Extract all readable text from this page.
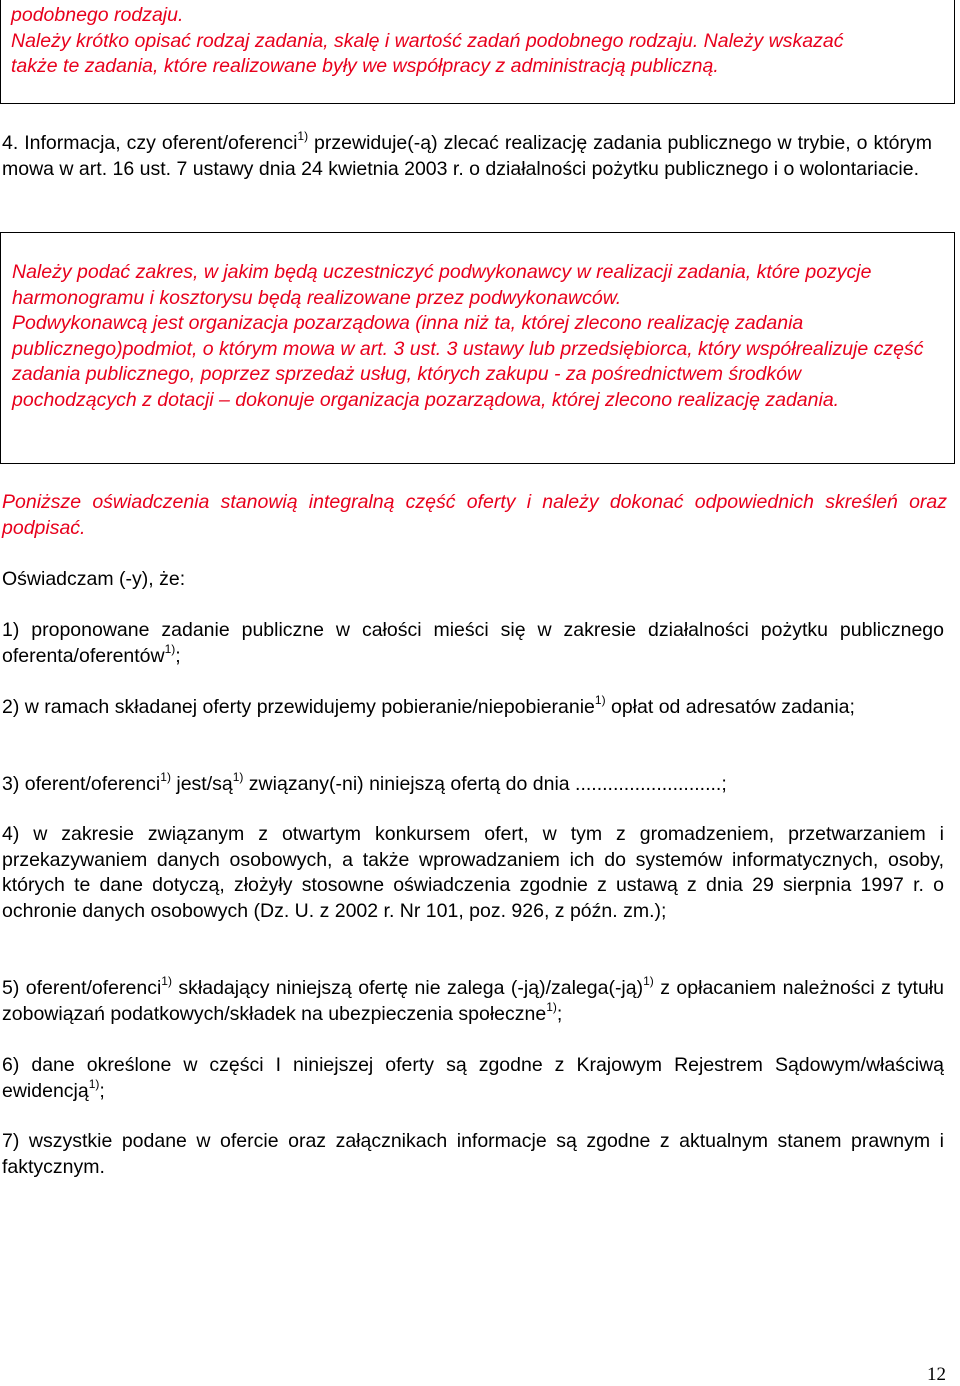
podobnego rodzaju.

Należy krótko opisać rodzaj zadania, skalę i wartość zadań podobnego rodzaju. Należy wskazać także te zadania, które realizowane były we współpracy z administracją publiczną.

4. Informacja, czy oferent/oferenci$^{1)}$ przewiduje(-ą) zlecać realizację zadania publicznego w trybie, o którym mowa w art. 16 ust. 7 ustawy dnia 24 kwietnia 2003 r. o działalności pożytku publicznego i o wolontariacie.

Należy podać zakres, w jakim będą uczestniczyć podwykonawcy w realizacji zadania, które pozycje harmonogramu i kosztorysu będą realizowane przez podwykonawców.

Podwykonawcą jest organizacja pozarządowa (inna niż ta, której zlecono realizację zadania publicznego)podmiot, o którym mowa w art. 3 ust. 3 ustawy lub przedsiębiorca, który współrealizuje część zadania publicznego, poprzez sprzedaż usług, których zakupu - za pośrednictwem środków pochodzących z dotacji – dokonuje organizacja pozarządowa, której zlecono realizację zadania.

Poniższe oświadczenia stanowią integralną część oferty i należy dokonać odpowiednich skreśleń oraz podpisać.

Oświadczam (-y), że:

1) proponowane zadanie publiczne w całości mieści się w zakresie działalności pożytku publicznego oferenta/oferentów$^{1)}$;

2) w ramach składanej oferty przewidujemy pobieranie/niepobieranie$^{1)}$ opłat od adresatów zadania;

3) oferent/oferenci$^{1)}$ jest/$są^{1)}$ związany(-ni) niniejszą ofertą do dnia ...........................;

4) w zakresie związanym z otwartym konkursem ofert, w tym z gromadzeniem, przetwarzaniem i przekazywaniem danych osobowych, a także wprowadzaniem ich do systemów informatycznych, osoby, których te dane dotyczą, złożyły stosowne oświadczenia zgodnie z ustawą z dnia 29 sierpnia 1997 r. o ochronie danych osobowych (Dz. U. z 2002 r. Nr 101, poz. 926, z późn. zm.);

5) oferent/oferenci$^{1)}$ składający niniejszą ofertę nie zalega (-ją)/zalega(-ją)$^{1)}$ z opłacaniem należności z tytułu zobowiązań podatkowych/składek na ubezpieczenia społeczne$^{1)}$;

6) dane określone w części I niniejszej oferty są zgodne z Krajowym Rejestrem Sądowym/właściwą ewidencją$^{1)}$;

7) wszystkie podane w ofercie oraz załącznikach informacje są zgodne z aktualnym stanem prawnym i faktycznym.

12
